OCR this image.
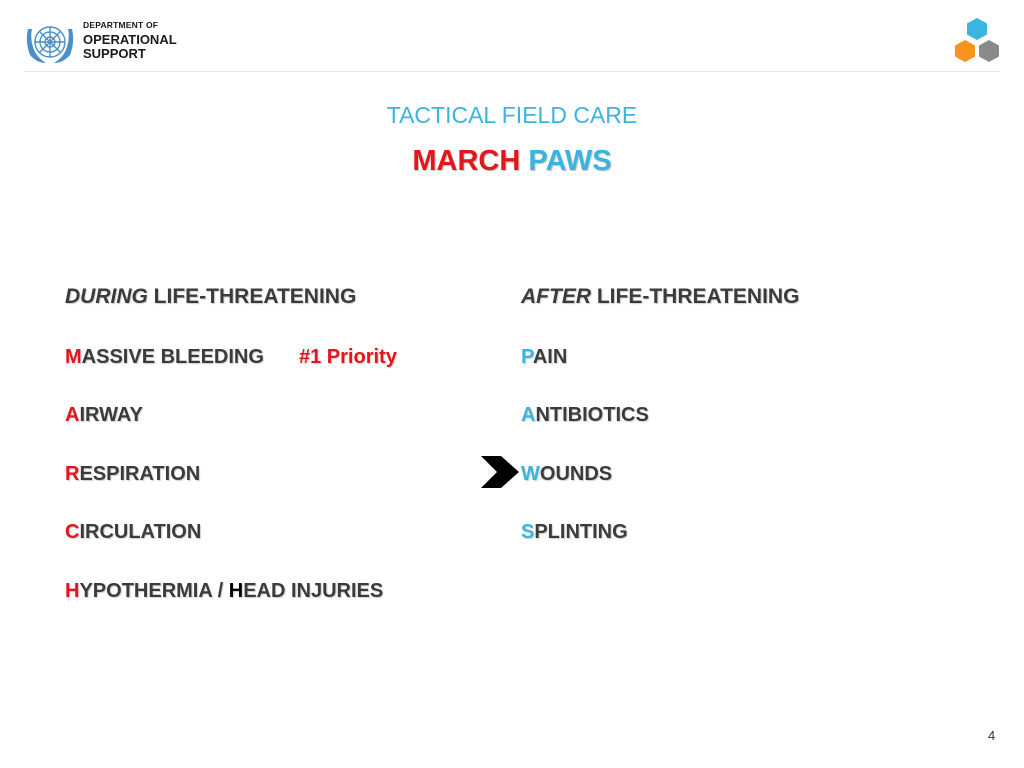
DEPARTMENT OF
OPERATIONAL
SUPPORT
TACTICAL FIELD CARE
MARCH PAWS
DURING LIFE-THREATENING
MASSIVE BLEEDING #1 Priority
AIRWAY
RESPIRATION
CIRCULATION
HYPOTHERMIA / HEAD INJURIES
AFTER LIFE-THREATENING
PAIN
ANTIBIOTICS
WOUNDS
SPLINTING
4
